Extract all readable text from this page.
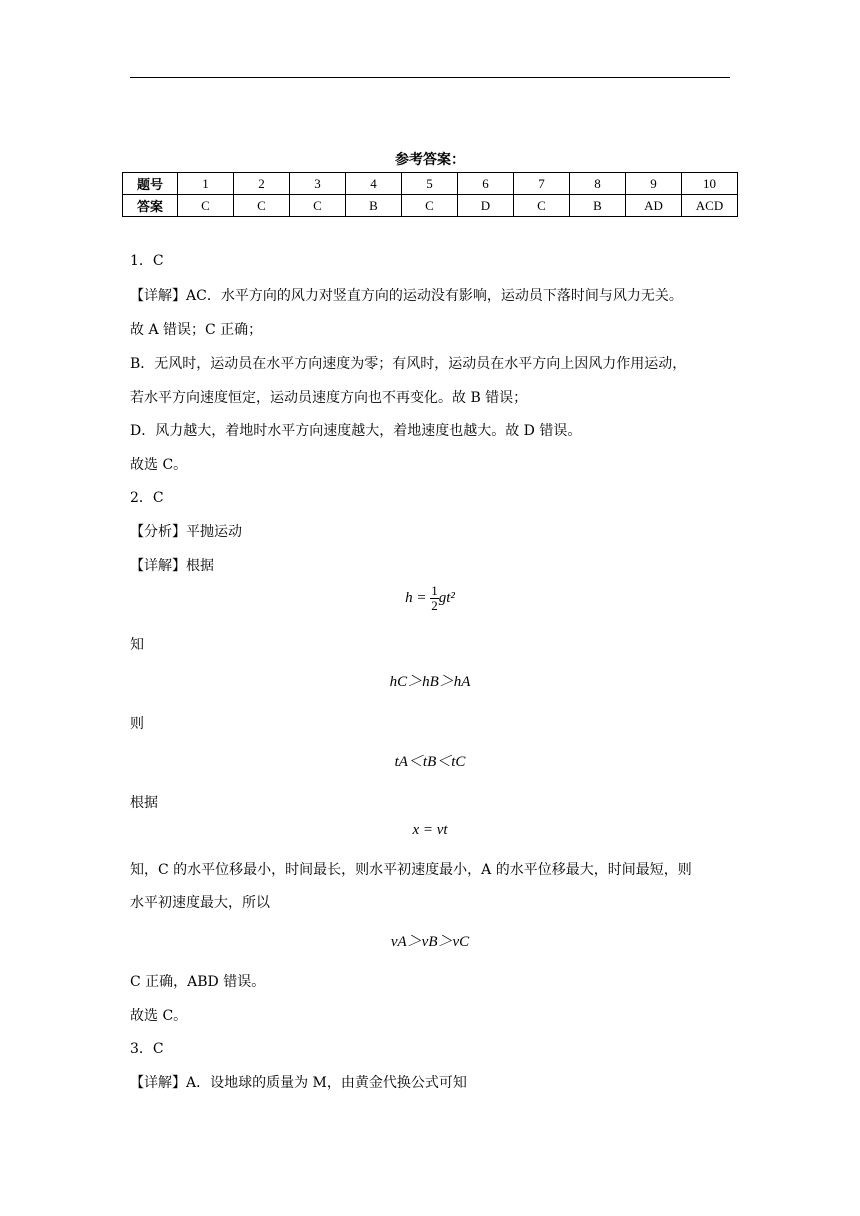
参考答案：
题号	1	2	3	4	5	6	7	8	9	10
答案	C	C	C	B	C	D	C	B	AD	ACD

1．C

【详解】AC．水平方向的风力对竖直方向的运动没有影响，运动员下落时间与风力无关。

故 A 错误；C 正确；

B．无风时，运动员在水平方向速度为零；有风时，运动员在水平方向上因风力作用运动，

若水平方向速度恒定，运动员速度方向也不再变化。故 B 错误；

D．风力越大，着地时水平方向速度越大，着地速度也越大。故 D 错误。

故选 C。

2．C

【分析】平抛运动

【详解】根据

$h = \frac{1}{2} gt^2$

知

hC＞hB＞hA

则

tA＜tB＜tC

根据

x = vt

知，C 的水平位移最小，时间最长，则水平初速度最小，A 的水平位移最大，时间最短，则

水平初速度最大，所以

vA＞vB＞vC

C 正确，ABD 错误。

故选 C。

3．C

【详解】A．设地球的质量为 M，由黄金代换公式可知
